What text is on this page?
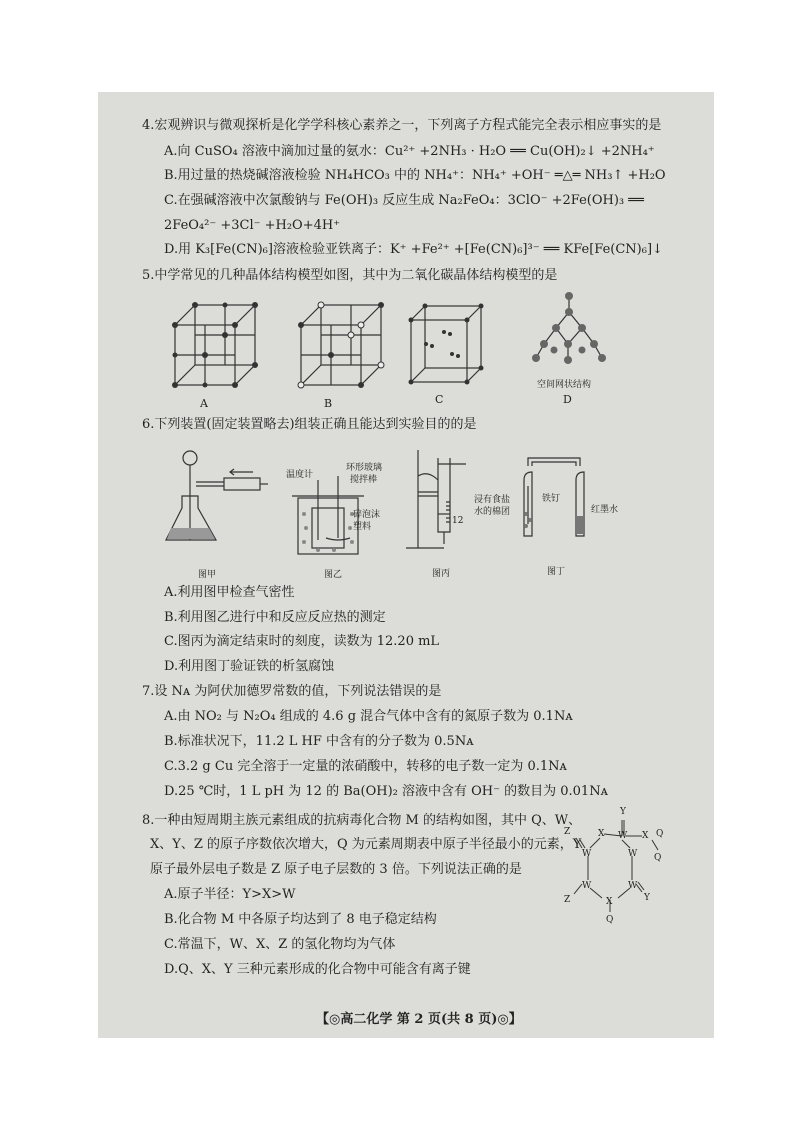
4.宏观辨识与微观探析是化学学科核心素养之一，下列离子方程式能完全表示相应事实的是
A.向 CuSO₄ 溶液中滴加过量的氨水：Cu²⁺ +2NH₃ · H₂O ══ Cu(OH)₂↓ +2NH₄⁺
B.用过量的热烧碱溶液检验 NH₄HCO₃ 中的 NH₄⁺：NH₄⁺ +OH⁻ ═△═ NH₃↑ +H₂O
C.在强碱溶液中次氯酸钠与 Fe(OH)₃ 反应生成 Na₂FeO₄：3ClO⁻ +2Fe(OH)₃ ══
2FeO₄²⁻ +3Cl⁻ +H₂O+4H⁺
D.用 K₃[Fe(CN)₆]溶液检验亚铁离子：K⁺ +Fe²⁺ +[Fe(CN)₆]³⁻ ══ KFe[Fe(CN)₆]↓
5.中学常见的几种晶体结构模型如图，其中为二氧化碳晶体结构模型的是
A	B	C
空间网状结构
D
6.下列装置(固定装置略去)组装正确且能达到实验目的的是
图甲
温度计
环形玻璃
搅拌棒
碎泡沫
塑料
图乙
12
图丙
浸有食盐
水的棉团
铁钉
红墨水
图丁
A.利用图甲检查气密性
B.利用图乙进行中和反应反应热的测定
C.图丙为滴定结束时的刻度，读数为 12.20 mL
D.利用图丁验证铁的析氢腐蚀
7.设 Nᴀ 为阿伏加德罗常数的值，下列说法错误的是
A.由 NO₂ 与 N₂O₄ 组成的 4.6 g 混合气体中含有的氮原子数为 0.1Nᴀ
B.标准状况下，11.2 L HF 中含有的分子数为 0.5Nᴀ
C.3.2 g Cu 完全溶于一定量的浓硝酸中，转移的电子数一定为 0.1Nᴀ
D.25 ℃时，1 L pH 为 12 的 Ba(OH)₂ 溶液中含有 OH⁻ 的数目为 0.01Nᴀ
8.一种由短周期主族元素组成的抗病毒化合物 M 的结构如图，其中 Q、W、
X、Y、Z 的原子序数依次增大，Q 为元素周期表中原子半径最小的元素，Y
原子最外层电子数是 Z 原子电子层数的 3 倍。下列说法正确的是
A.原子半径：Y>X>W
B.化合物 M 中各原子均达到了 8 电子稳定结构
C.常温下，W、X、Z 的氢化物均为气体
D.Q、X、Y 三种元素形成的化合物中可能含有离子键
Y
X W X Q
Q
Z
W	W
W	W
Z	Y
X
Q
【◎高二化学 第 2 页(共 8 页)◎】
